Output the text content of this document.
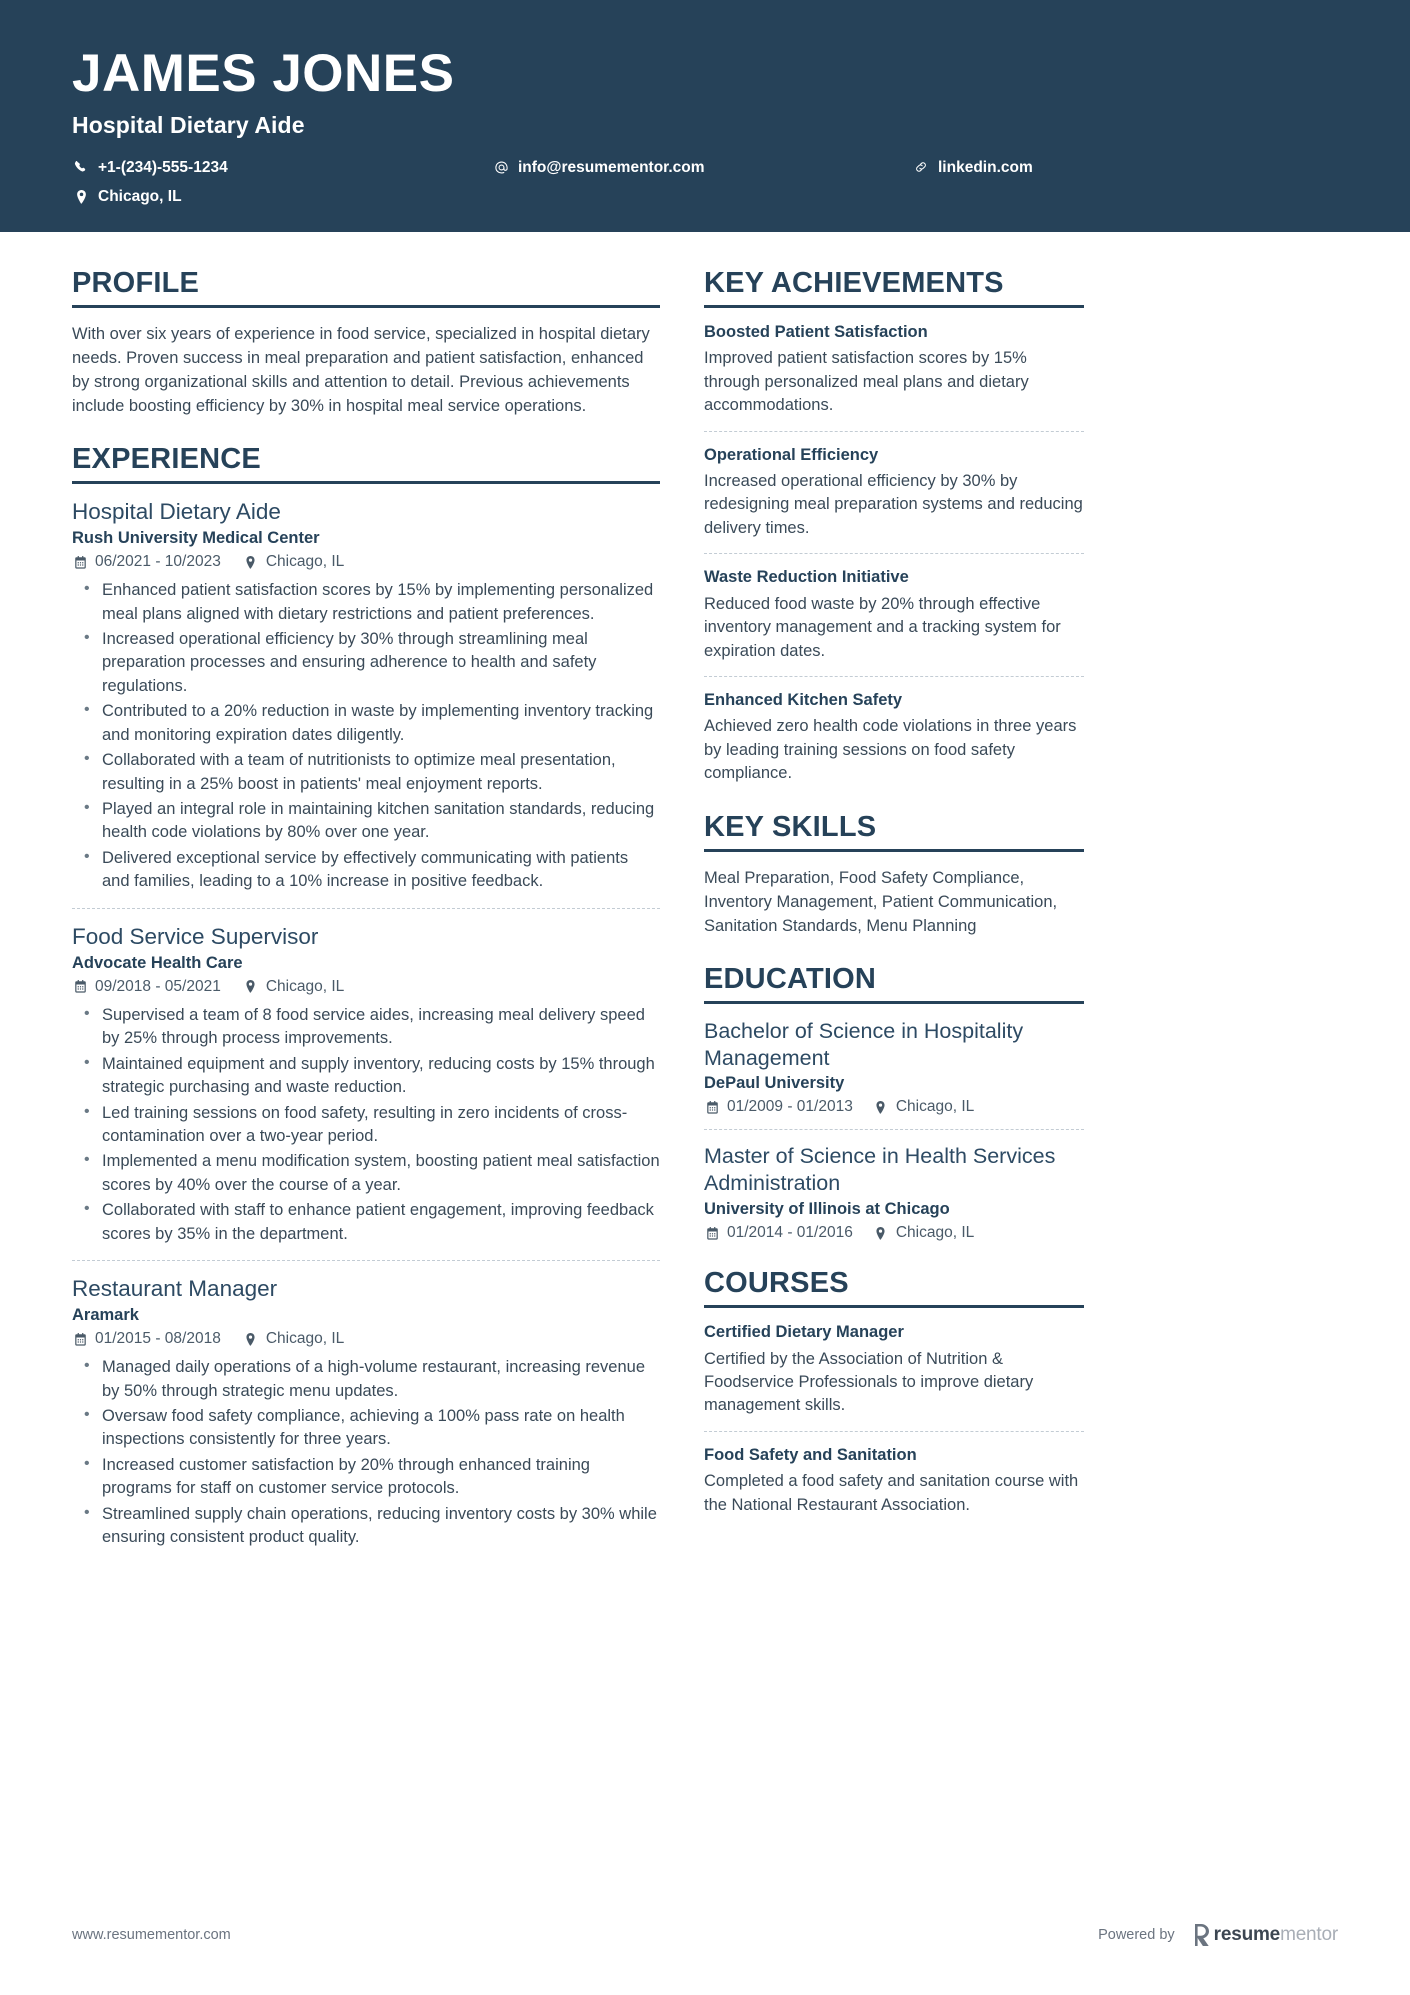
JAMES JONES
Hospital Dietary Aide
+1-(234)-555-1234	info@resumementor.com	linkedin.com
Chicago, IL
PROFILE
With over six years of experience in food service, specialized in hospital dietary needs. Proven success in meal preparation and patient satisfaction, enhanced by strong organizational skills and attention to detail. Previous achievements include boosting efficiency by 30% in hospital meal service operations.
EXPERIENCE
Hospital Dietary Aide
Rush University Medical Center
06/2021 - 10/2023	Chicago, IL
• Enhanced patient satisfaction scores by 15% by implementing personalized meal plans aligned with dietary restrictions and patient preferences.
• Increased operational efficiency by 30% through streamlining meal preparation processes and ensuring adherence to health and safety regulations.
• Contributed to a 20% reduction in waste by implementing inventory tracking and monitoring expiration dates diligently.
• Collaborated with a team of nutritionists to optimize meal presentation, resulting in a 25% boost in patients' meal enjoyment reports.
• Played an integral role in maintaining kitchen sanitation standards, reducing health code violations by 80% over one year.
• Delivered exceptional service by effectively communicating with patients and families, leading to a 10% increase in positive feedback.
Food Service Supervisor
Advocate Health Care
09/2018 - 05/2021	Chicago, IL
• Supervised a team of 8 food service aides, increasing meal delivery speed by 25% through process improvements.
• Maintained equipment and supply inventory, reducing costs by 15% through strategic purchasing and waste reduction.
• Led training sessions on food safety, resulting in zero incidents of cross-contamination over a two-year period.
• Implemented a menu modification system, boosting patient meal satisfaction scores by 40% over the course of a year.
• Collaborated with staff to enhance patient engagement, improving feedback scores by 35% in the department.
Restaurant Manager
Aramark
01/2015 - 08/2018	Chicago, IL
• Managed daily operations of a high-volume restaurant, increasing revenue by 50% through strategic menu updates.
• Oversaw food safety compliance, achieving a 100% pass rate on health inspections consistently for three years.
• Increased customer satisfaction by 20% through enhanced training programs for staff on customer service protocols.
• Streamlined supply chain operations, reducing inventory costs by 30% while ensuring consistent product quality.
KEY ACHIEVEMENTS
Boosted Patient Satisfaction
Improved patient satisfaction scores by 15% through personalized meal plans and dietary accommodations.
Operational Efficiency
Increased operational efficiency by 30% by redesigning meal preparation systems and reducing delivery times.
Waste Reduction Initiative
Reduced food waste by 20% through effective inventory management and a tracking system for expiration dates.
Enhanced Kitchen Safety
Achieved zero health code violations in three years by leading training sessions on food safety compliance.
KEY SKILLS
Meal Preparation, Food Safety Compliance, Inventory Management, Patient Communication, Sanitation Standards, Menu Planning
EDUCATION
Bachelor of Science in Hospitality Management
DePaul University
01/2009 - 01/2013	Chicago, IL
Master of Science in Health Services Administration
University of Illinois at Chicago
01/2014 - 01/2016	Chicago, IL
COURSES
Certified Dietary Manager
Certified by the Association of Nutrition & Foodservice Professionals to improve dietary management skills.
Food Safety and Sanitation
Completed a food safety and sanitation course with the National Restaurant Association.
www.resumementor.com	Powered by resume mentor
